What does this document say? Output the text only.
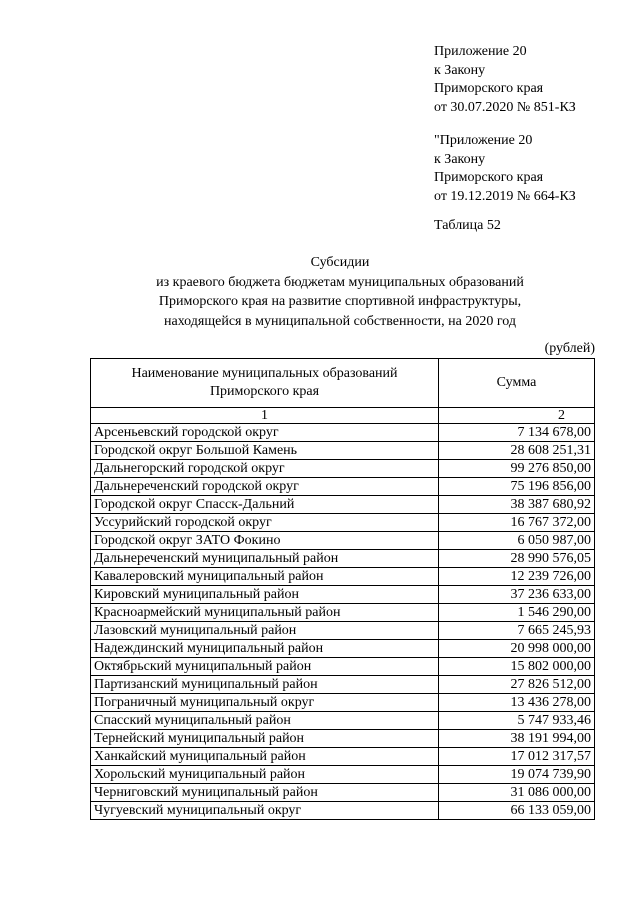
Приложение 20
к Закону
Приморского края
от 30.07.2020 № 851-КЗ
"Приложение 20
к Закону
Приморского края
от 19.12.2019 № 664-КЗ
Таблица 52
Субсидии
из краевого бюджета бюджетам муниципальных образований
Приморского края на развитие спортивной инфраструктуры,
находящейся в муниципальной собственности, на 2020 год
(рублей)
Наименование муниципальных образований
Приморского края	Сумма
1	2
Арсеньевский городской округ	7 134 678,00
Городской округ Большой Камень	28 608 251,31
Дальнегорский городской округ	99 276 850,00
Дальнереченский городской округ	75 196 856,00
Городской округ Спасск-Дальний	38 387 680,92
Уссурийский городской округ	16 767 372,00
Городской округ ЗАТО Фокино	6 050 987,00
Дальнереченский муниципальный район	28 990 576,05
Кавалеровский муниципальный район	12 239 726,00
Кировский муниципальный район	37 236 633,00
Красноармейский муниципальный район	1 546 290,00
Лазовский муниципальный район	7 665 245,93
Надеждинский муниципальный район	20 998 000,00
Октябрьский муниципальный район	15 802 000,00
Партизанский муниципальный район	27 826 512,00
Пограничный муниципальный округ	13 436 278,00
Спасский муниципальный район	5 747 933,46
Тернейский муниципальный район	38 191 994,00
Ханкайский муниципальный район	17 012 317,57
Хорольский муниципальный район	19 074 739,90
Черниговский муниципальный район	31 086 000,00
Чугуевский муниципальный округ	66 133 059,00
